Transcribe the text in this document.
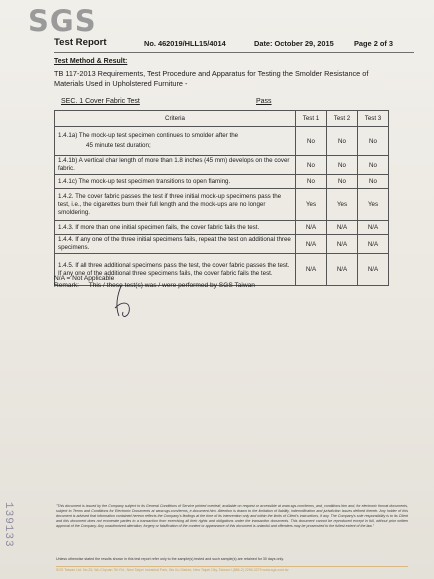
SGS
Test Report	No. 462019/HLL15/4014	Date: October 29, 2015	Page 2 of 3
Test Method & Result:
TB 117-2013 Requirements, Test Procedure and Apparatus for Testing the Smolder Resistance of Materials Used in Upholstered Furniture -
SEC. 1 Cover Fabric Test	Pass
Criteria	Test 1	Test 2	Test 3

1.4.1a) The mock-up test specimen continues to smolder after the
45 minute test duration;	No	No	No
1.4.1b) A vertical char length of more than 1.8 inches (45 mm) develops on the cover fabric.	No	No	No
1.4.1c) The mock-up test specimen transitions to open flaming.	No	No	No
1.4.2. The cover fabric passes the test if three initial mock-up specimens pass the test, i.e., the cigarettes burn their full length and the mock-ups are no longer smoldering.	Yes	Yes	Yes
1.4.3. If more than one initial specimen fails, the cover fabric fails the test.	N/A	N/A	N/A
1.4.4. If any one of the three initial specimens fails, repeat the test on additional three specimens.	N/A	N/A	N/A
1.4.5. If all three additional specimens pass the test, the cover fabric passes the test. If any one of the additional three specimens fails, the cover fabric fails the test.	N/A	N/A	N/A
N/A = Not Applicable
Remark: This / these test(s) was / were performed by SGS Taiwan
139133	"This document is issued by the Company subject to its General Conditions of Service printed overleaf, available on request or accessible at www.sgs.com/terms_and_conditions.htm and, for electronic format documents, subject to Terms and Conditions for Electronic Documents at www.sgs.com/terms_e-document.htm. Attention is drawn to the limitation of liability, indemnification and jurisdiction issues defined therein. Any holder of this document is advised that information contained hereon reflects the Company's findings at the time of its intervention only and within the limits of Client's instructions, if any. The Company's sole responsibility is to its Client and this document does not exonerate parties to a transaction from exercising all their rights and obligations under the transaction documents. This document cannot be reproduced except in full, without prior written approval of the Company. Any unauthorized alteration, forgery or falsification of the content or appearance of this document is unlawful and offenders may be prosecuted to the fullest extent of the law."
Unless otherwise stated the results shown in this test report refer only to the sample(s) tested and such sample(s) are retained for 30 days only.
SGS Taiwan Ltd. No.25, Wu Chyuan 7th Rd., New Taipei Industrial Park, Wu Ku District, New Taipei City, Taiwan t (886-2) 2299-3279 www.sgs.com.tw
